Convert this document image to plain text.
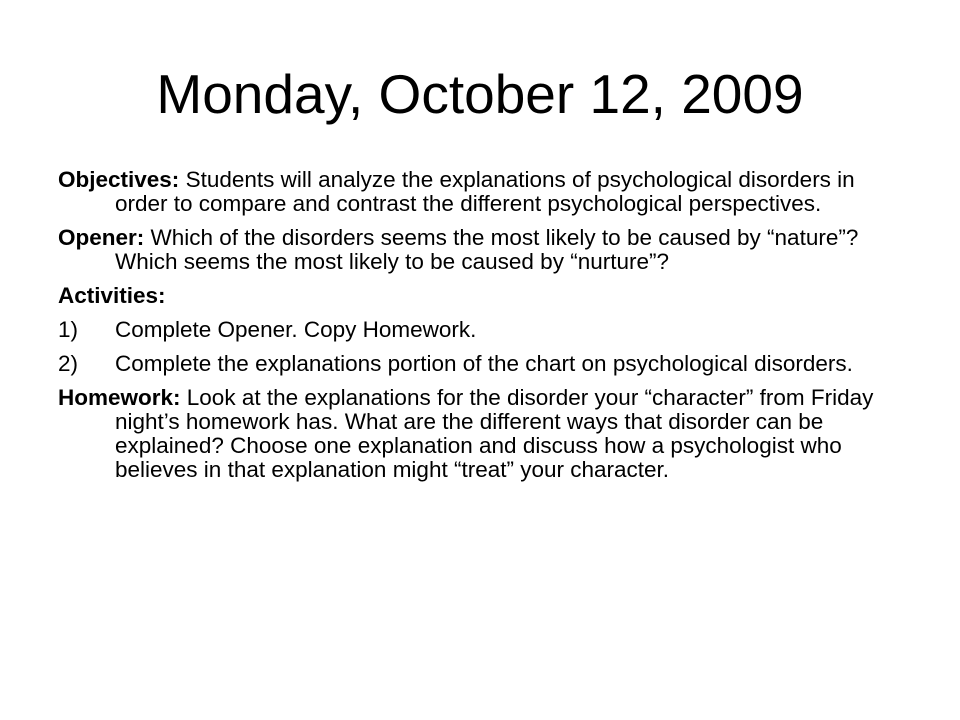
Monday, October 12, 2009

Objectives: Students will analyze the explanations of psychological disorders in order to compare and contrast the different psychological perspectives.

Opener: Which of the disorders seems the most likely to be caused by “nature”? Which seems the most likely to be caused by “nurture”?

Activities:

1)	Complete Opener. Copy Homework.
2)	Complete the explanations portion of the chart on psychological disorders.

Homework: Look at the explanations for the disorder your “character” from Friday night’s homework has. What are the different ways that disorder can be explained? Choose one explanation and discuss how a psychologist who believes in that explanation might “treat” your character.
